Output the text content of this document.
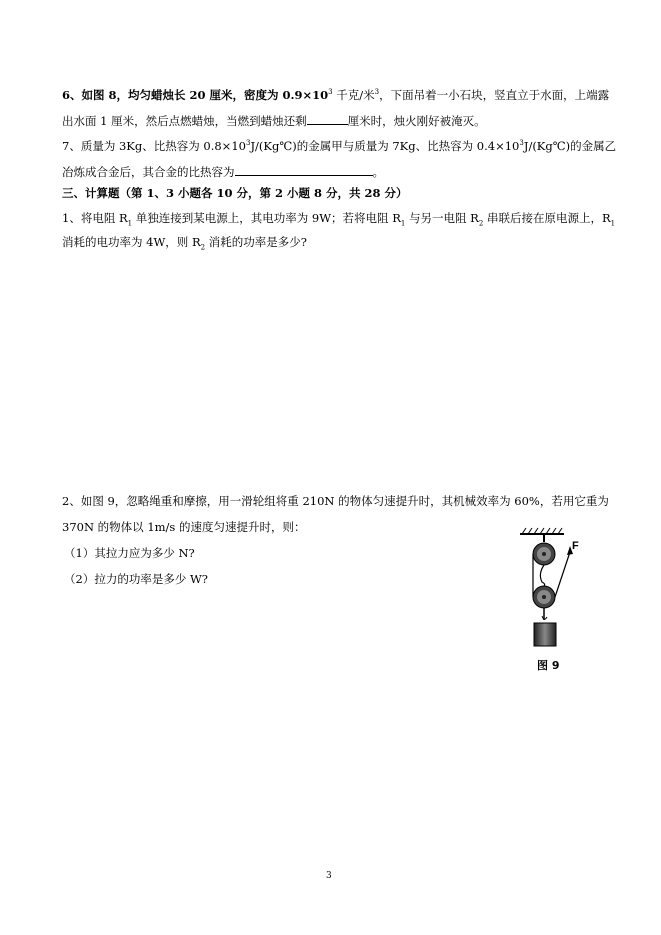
6、如图 8，均匀蜡烛长 20 厘米，密度为 $0.9\times 10^3$ 千克/米$^3$，下面吊着一小石块，竖直立于水面，上端露
出水面 1 厘米，然后点燃蜡烛，当燃到蜡烛还剩	厘米时，烛火刚好被淹灭。
7、质量为 3Kg、比热容为 $0.8\times 10^3J/(Kg℃)$的金属甲与质量为 7Kg、比热容为 $0.4\times 10^3J/(Kg℃)$的金属乙
冶炼成合金后，其合金的比热容为	。
三、计算题（第 1、3 小题各 10 分，第 2 小题 8 分，共 28 分）
1、将电阻 $R_1$ 单独连接到某电源上，其电功率为 9W；若将电阻 $R_1$ 与另一电阻 $R_2$ 串联后接在原电源上，$R_1$
消耗的电功率为 4W，则 $R_2$ 消耗的功率是多少?
2、如图 9，忽略绳重和摩擦，用一滑轮组将重 210N 的物体匀速提升时，其机械效率为 60%，若用它重为
370N 的物体以 1m/s 的速度匀速提升时，则：
（1）其拉力应为多少 N?
（2）拉力的功率是多少 W?
F
图 9
3
